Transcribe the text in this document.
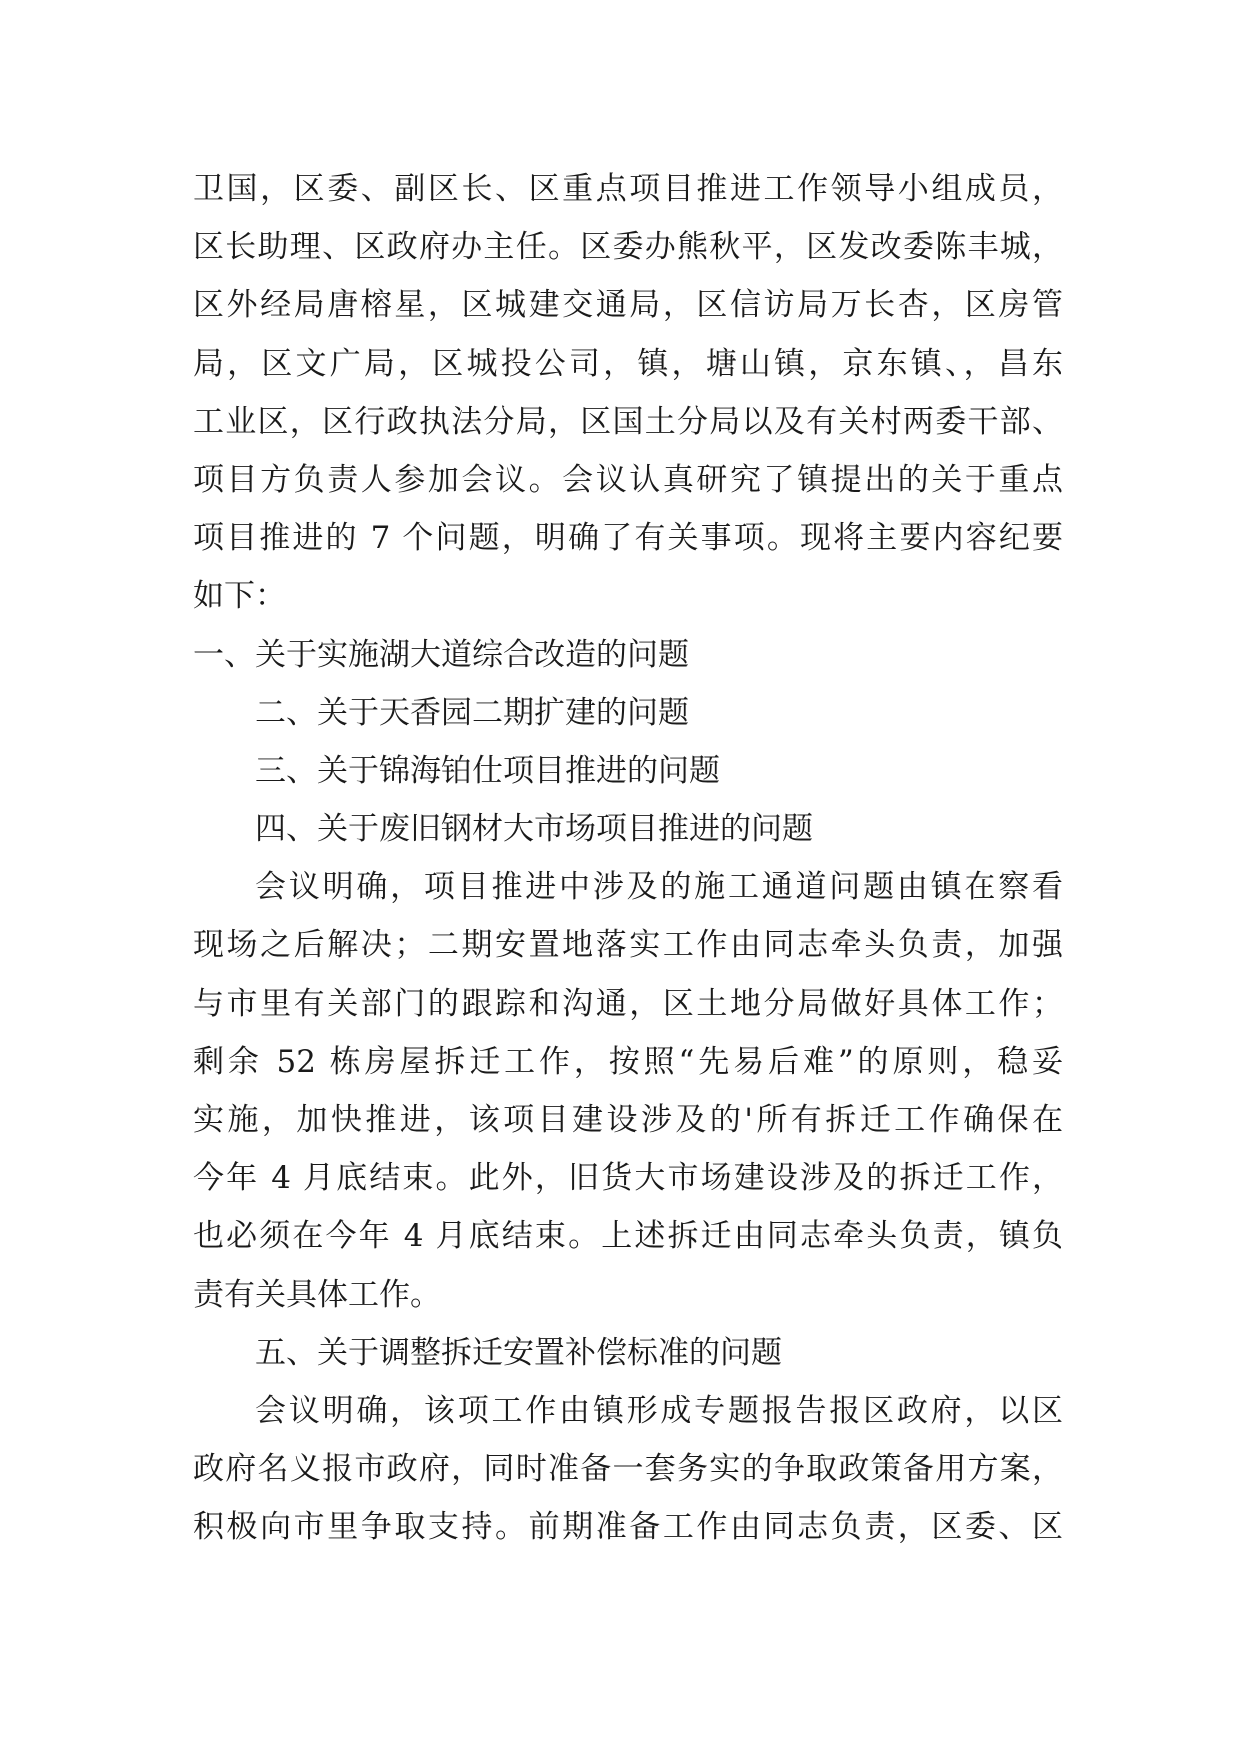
卫国，区委、副区长、区重点项目推进工作领导小组成员，
区长助理、区政府办主任。区委办熊秋平，区发改委陈丰城，
区外经局唐榕星，区城建交通局，区信访局万长杏，区房管
局，区文广局，区城投公司，镇，塘山镇，京东镇、，昌东
工业区，区行政执法分局，区国土分局以及有关村两委干部、
项目方负责人参加会议。会议认真研究了镇提出的关于重点
项目推进的 7 个问题，明确了有关事项。现将主要内容纪要
如下：
一、关于实施湖大道综合改造的问题
二、关于天香园二期扩建的问题
三、关于锦海铂仕项目推进的问题
四、关于废旧钢材大市场项目推进的问题
会议明确，项目推进中涉及的施工通道问题由镇在察看
现场之后解决；二期安置地落实工作由同志牵头负责，加强
与市里有关部门的跟踪和沟通，区土地分局做好具体工作；
剩余 52 栋房屋拆迁工作，按照“先易后难”的原则，稳妥
实施，加快推进，该项目建设涉及的'所有拆迁工作确保在
今年 4 月底结束。此外，旧货大市场建设涉及的拆迁工作，
也必须在今年 4 月底结束。上述拆迁由同志牵头负责，镇负
责有关具体工作。
五、关于调整拆迁安置补偿标准的问题
会议明确，该项工作由镇形成专题报告报区政府，以区
政府名义报市政府，同时准备一套务实的争取政策备用方案，
积极向市里争取支持。前期准备工作由同志负责，区委、区
